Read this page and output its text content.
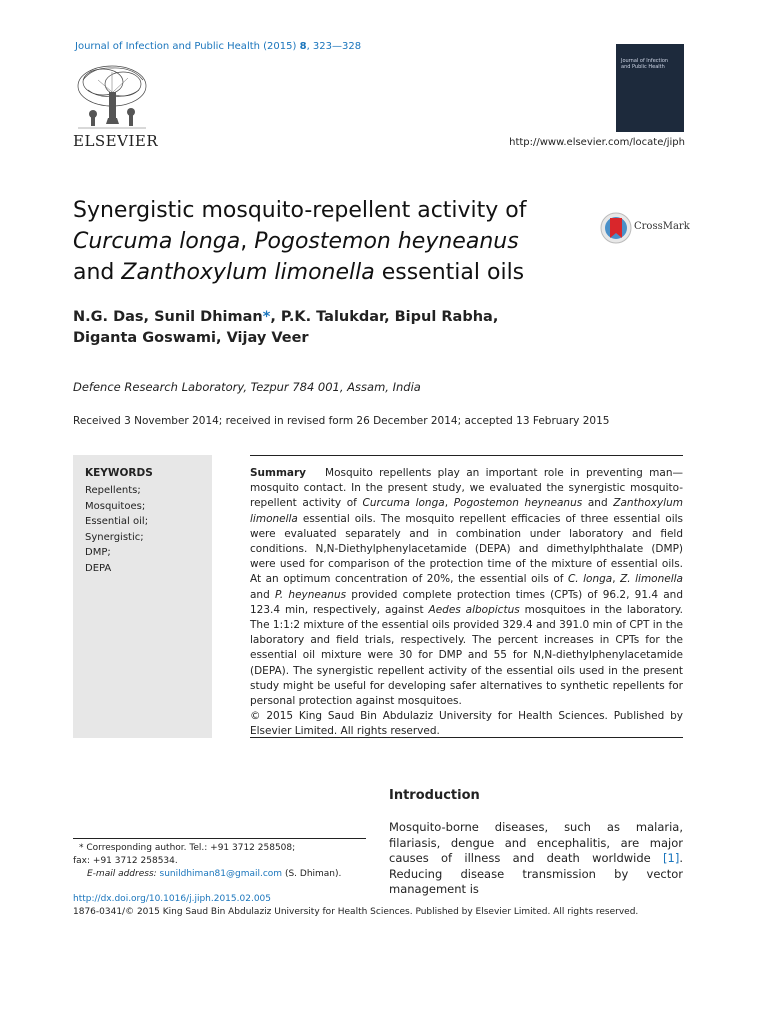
Journal of Infection and Public Health (2015) 8, 323—328
ELSEVIER
Journal of Infection and Public Health
http://www.elsevier.com/locate/jiph
Synergistic mosquito-repellent activity of
Curcuma longa, Pogostemon heyneanus
and Zanthoxylum limonella essential oils
CrossMark
N.G. Das, Sunil Dhiman*, P.K. Talukdar, Bipul Rabha,
Diganta Goswami, Vijay Veer
Defence Research Laboratory, Tezpur 784 001, Assam, India
Received 3 November 2014; received in revised form 26 December 2014; accepted 13 February 2015
KEYWORDS
Repellents;
Mosquitoes;
Essential oil;
Synergistic;
DMP;
DEPA
Summary Mosquito repellents play an important role in preventing man—mosquito contact. In the present study, we evaluated the synergistic mosquito-repellent activity of Curcuma longa, Pogostemon heyneanus and Zanthoxylum limonella essential oils. The mosquito repellent efficacies of three essential oils were evaluated separately and in combination under laboratory and field conditions. N,N-Diethylphenylacetamide (DEPA) and dimethylphthalate (DMP) were used for comparison of the protection time of the mixture of essential oils. At an optimum concentration of 20%, the essential oils of C. longa, Z. limonella and P. heyneanus provided complete protection times (CPTs) of 96.2, 91.4 and 123.4 min, respectively, against Aedes albopictus mosquitoes in the laboratory. The 1:1:2 mixture of the essential oils provided 329.4 and 391.0 min of CPT in the laboratory and field trials, respectively. The percent increases in CPTs for the essential oil mixture were 30 for DMP and 55 for N,N-diethylphenylacetamide (DEPA). The synergistic repellent activity of the essential oils used in the present study might be useful for developing safer alternatives to synthetic repellents for personal protection against mosquitoes.
© 2015 King Saud Bin Abdulaziz University for Health Sciences. Published by Elsevier Limited. All rights reserved.
Introduction
Mosquito-borne diseases, such as malaria, filariasis, dengue and encephalitis, are major causes of illness and death worldwide [1]. Reducing disease transmission by vector management is
* Corresponding author. Tel.: +91 3712 258508;
fax: +91 3712 258534.
E-mail address: sunildhiman81@gmail.com (S. Dhiman).
http://dx.doi.org/10.1016/j.jiph.2015.02.005
1876-0341/© 2015 King Saud Bin Abdulaziz University for Health Sciences. Published by Elsevier Limited. All rights reserved.
